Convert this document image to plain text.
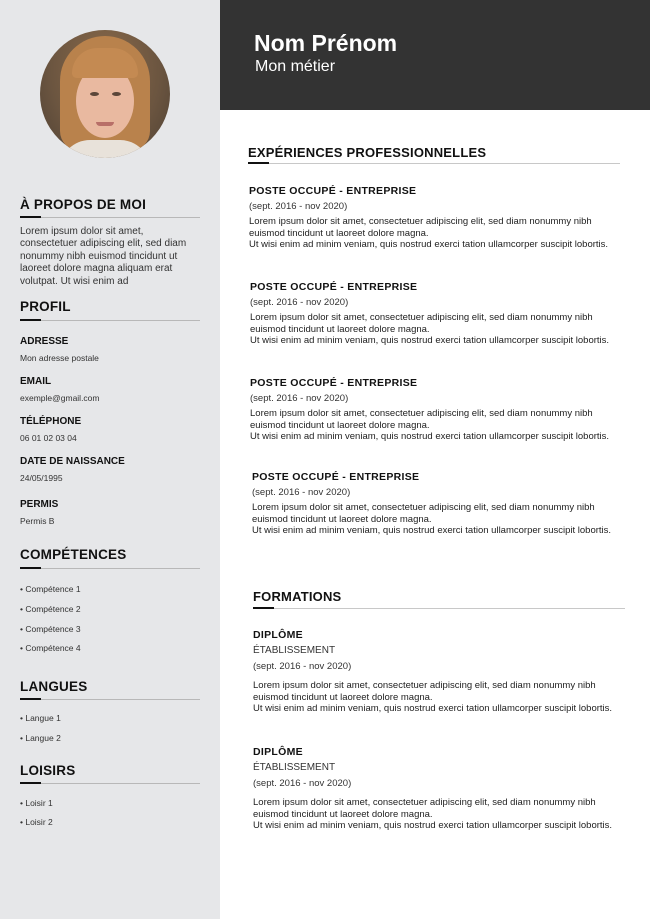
À PROPOS DE MOI
Lorem ipsum dolor sit amet, consectetuer adipiscing elit, sed diam nonummy nibh euismod tincidunt ut laoreet dolore magna aliquam erat volutpat. Ut wisi enim ad
PROFIL
ADRESSE
Mon adresse postale
EMAIL
exemple@gmail.com
TÉLÉPHONE
06 01 02 03 04
DATE DE NAISSANCE
24/05/1995
PERMIS
Permis B
COMPÉTENCES
• Compétence 1
• Compétence 2
• Compétence 3
• Compétence 4
LANGUES
• Langue 1
• Langue 2
LOISIRS
• Loisir 1
• Loisir 2
Nom Prénom
Mon métier
EXPÉRIENCES PROFESSIONNELLES
POSTE OCCUPÉ - ENTREPRISE
(sept. 2016 - nov 2020)
Lorem ipsum dolor sit amet, consectetuer adipiscing elit, sed diam nonummy nibh euismod tincidunt ut laoreet dolore magna.
Ut wisi enim ad minim veniam, quis nostrud exerci tation ullamcorper suscipit lobortis.
POSTE OCCUPÉ - ENTREPRISE
(sept. 2016 - nov 2020)
Lorem ipsum dolor sit amet, consectetuer adipiscing elit, sed diam nonummy nibh euismod tincidunt ut laoreet dolore magna.
Ut wisi enim ad minim veniam, quis nostrud exerci tation ullamcorper suscipit lobortis.
POSTE OCCUPÉ - ENTREPRISE
(sept. 2016 - nov 2020)
Lorem ipsum dolor sit amet, consectetuer adipiscing elit, sed diam nonummy nibh euismod tincidunt ut laoreet dolore magna.
Ut wisi enim ad minim veniam, quis nostrud exerci tation ullamcorper suscipit lobortis.
POSTE OCCUPÉ - ENTREPRISE
(sept. 2016 - nov 2020)
Lorem ipsum dolor sit amet, consectetuer adipiscing elit, sed diam nonummy nibh euismod tincidunt ut laoreet dolore magna.
Ut wisi enim ad minim veniam, quis nostrud exerci tation ullamcorper suscipit lobortis.
FORMATIONS
DIPLÔME
ÉTABLISSEMENT
(sept. 2016 - nov 2020)
Lorem ipsum dolor sit amet, consectetuer adipiscing elit, sed diam nonummy nibh euismod tincidunt ut laoreet dolore magna.
Ut wisi enim ad minim veniam, quis nostrud exerci tation ullamcorper suscipit lobortis.
DIPLÔME
ÉTABLISSEMENT
(sept. 2016 - nov 2020)
Lorem ipsum dolor sit amet, consectetuer adipiscing elit, sed diam nonummy nibh euismod tincidunt ut laoreet dolore magna.
Ut wisi enim ad minim veniam, quis nostrud exerci tation ullamcorper suscipit lobortis.
